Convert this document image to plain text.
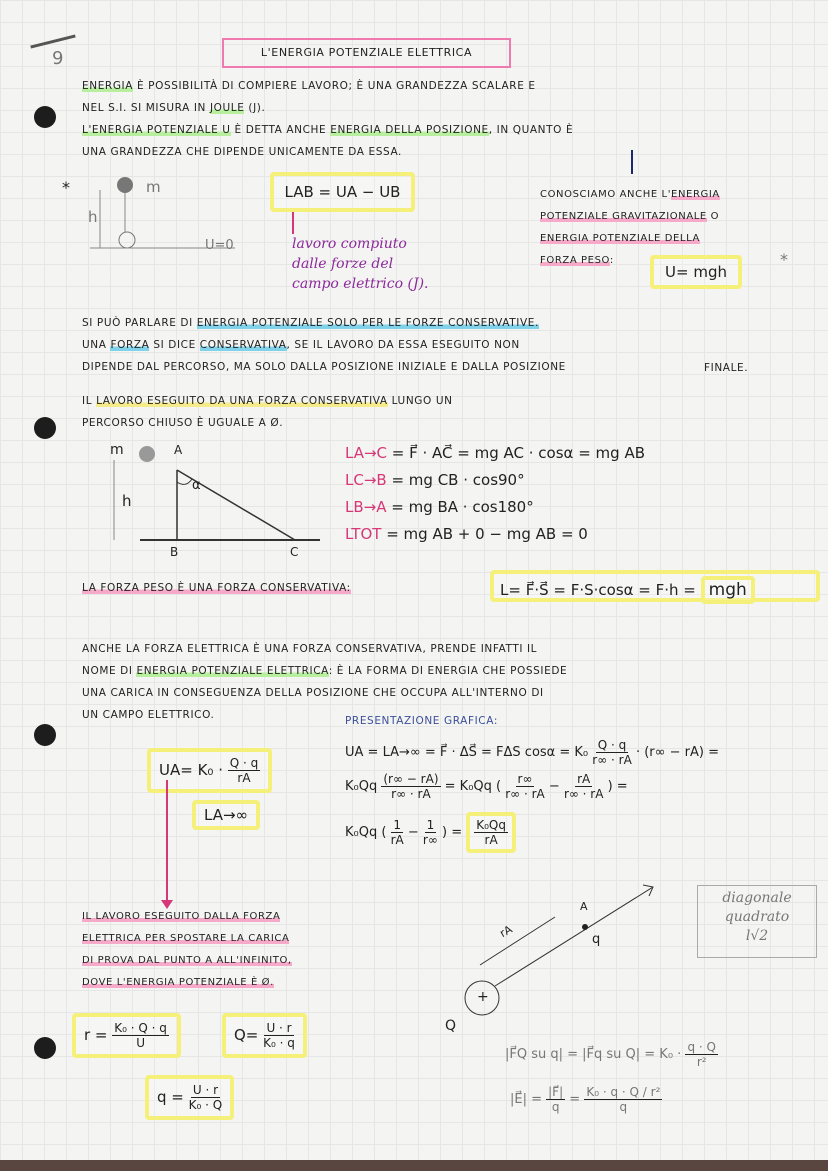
9	L'ENERGIA POTENZIALE ELETTRICA
ENERGIA È POSSIBILITÀ DI COMPIERE LAVORO; È UNA GRANDEZZA SCALARE E
NEL S.I. SI MISURA IN JOULE (J).
L'ENERGIA POTENZIALE U È DETTA ANCHE ENERGIA DELLA POSIZIONE, IN QUANTO È
UNA GRANDEZZA CHE DIPENDE UNICAMENTE DA ESSA.
*	m
h
U=0
LAB = UA − UB
lavoro compiuto
dalle forze del
campo elettrico (J).
CONOSCIAMO ANCHE L'ENERGIA
POTENZIALE GRAVITAZIONALE O
ENERGIA POTENZIALE DELLA
FORZA PESO:
U= mgh
*
SI PUÒ PARLARE DI ENERGIA POTENZIALE SOLO PER LE FORZE CONSERVATIVE.
UNA FORZA SI DICE CONSERVATIVA, SE IL LAVORO DA ESSA ESEGUITO NON
DIPENDE DAL PERCORSO, MA SOLO DALLA POSIZIONE INIZIALE E DALLA POSIZIONE	FINALE.
IL LAVORO ESEGUITO DA UNA FORZA CONSERVATIVA LUNGO UN
PERCORSO CHIUSO È UGUALE A Ø.
m	A
B	C
h
α
LA→C = F⃗ · AC⃗ = mg AC · cosα = mg AB
LC→B = mg CB · cos90°
LB→A = mg BA · cos180°
LTOT = mg AB + 0 − mg AB = 0
LA FORZA PESO È UNA FORZA CONSERVATIVA:	L= F⃗·S⃗ = F·S·cosα = F·h = mgh
ANCHE LA FORZA ELETTRICA È UNA FORZA CONSERVATIVA, PRENDE INFATTI IL
NOME DI ENERGIA POTENZIALE ELETTRICA: È LA FORMA DI ENERGIA CHE POSSIEDE
UNA CARICA IN CONSEGUENZA DELLA POSIZIONE CHE OCCUPA ALL'INTERNO DI
UN CAMPO ELETTRICO.	PRESENTAZIONE GRAFICA:
UA = LA→∞ = F⃗ · ΔS⃗ = FΔS $\cos\alpha = K_0 \frac{Q \cdot q}{r\infty \cdot rA} \cdot (r\infty - rA)$ =
$K_0Qq \frac{(r\infty - rA)}{r\infty \cdot rA} = K_0Qq$ ( $\frac{r\infty}{r\infty \cdot rA} - \frac{rA}{r\infty \cdot rA}$ ) =
K₀Qq ( $\frac{1}{rA} - \frac{1}{r\infty}$ ) = $\frac{\text{K₀Qq}}{rA}$
$UA= K_0 \cdot \frac{Q \cdot q}{rA}$
LA→∞
IL LAVORO ESEGUITO DALLA FORZA
ELETTRICA PER SPOSTARE LA CARICA
DI PROVA DAL PUNTO A ALL'INFINITO,
DOVE L'ENERGIA POTENZIALE È Ø.
+
Q
A
q
rA
diagonale
quadrato
l√2
$r = \frac{\text{K₀ · Q · q}}{U}$	$Q= \frac{U \cdot r}{\text{K₀ · q}}$
$q = \frac{U \cdot r}{\text{K₀ · Q}}$
|F⃗Q su q| = |F⃗q su $Q| = K_0 \cdot \frac{q \cdot Q}{\text{r²}}$
|E⃗| = $\frac{|F⃗|}{q} = \frac{\text{K₀ · q · Q / r²}}{q}$
